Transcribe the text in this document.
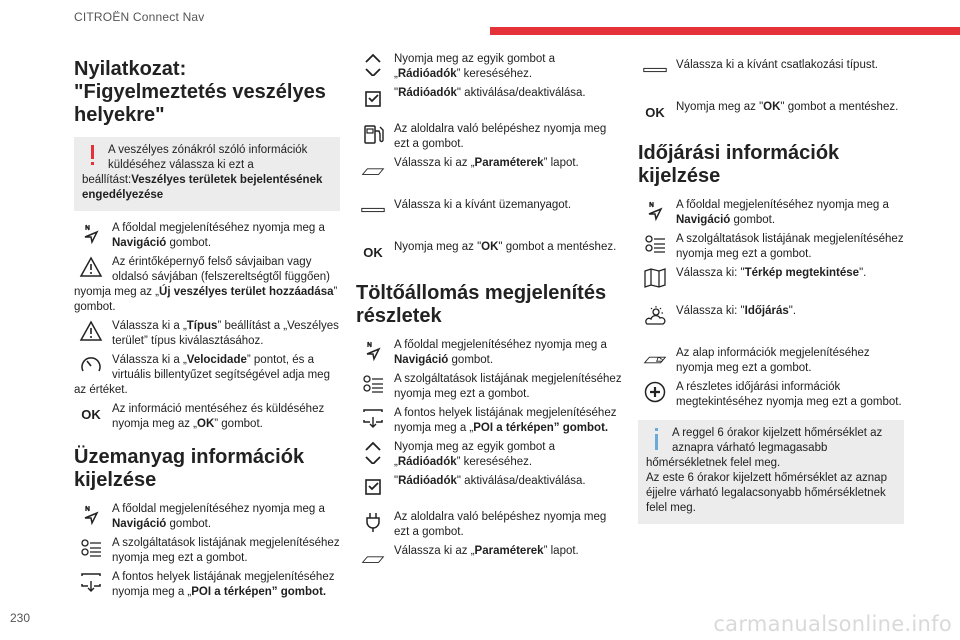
CITROËN Connect Nav
Nyilatkozat: "Figyelmeztetés veszélyes helyekre"

A veszélyes zónákról szóló információk küldéséhez válassza ki ezt a beállítást:Veszélyes területek bejelentésének engedélyezése

A főoldal megjelenítéséhez nyomja meg a Navigáció gombot.
Az érintőképernyő felső sávjaiban vagy oldalsó sávjában (felszereltségtől függően) nyomja meg az „Új veszélyes terület hozzáadása” gombot.
Válassza ki a „Típus” beállítást a „Veszélyes terület” típus kiválasztásához.
Válassza ki a „Velocidade” pontot, és a virtuális billentyűzet segítségével adja meg az értéket.
OK Az információ mentéséhez és küldéséhez nyomja meg az „OK” gombot.
Üzemanyag információk kijelzése
A főoldal megjelenítéséhez nyomja meg a Navigáció gombot.
A szolgáltatások listájának megjelenítéséhez nyomja meg ezt a gombot.
A fontos helyek listájának megjelenítéséhez nyomja meg a „POI a térképen” gombot.
Nyomja meg az egyik gombot a „Rádióadók” kereséséhez.
"Rádióadók" aktiválása/deaktiválása.
Az aloldalra való belépéshez nyomja meg ezt a gombot.
Válassza ki az „Paraméterek” lapot.
Válassza ki a kívánt üzemanyagot.
OK Nyomja meg az "OK" gombot a mentéshez.
Töltőállomás megjelenítés részletek
A főoldal megjelenítéséhez nyomja meg a Navigáció gombot.
A szolgáltatások listájának megjelenítéséhez nyomja meg ezt a gombot.
A fontos helyek listájának megjelenítéséhez nyomja meg a „POI a térképen” gombot.
Nyomja meg az egyik gombot a „Rádióadók” kereséséhez.
"Rádióadók" aktiválása/deaktiválása.
Az aloldalra való belépéshez nyomja meg ezt a gombot.
Válassza ki az „Paraméterek” lapot.
Válassza ki a kívánt csatlakozási típust.
OK Nyomja meg az "OK" gombot a mentéshez.
Időjárási információk kijelzése
A főoldal megjelenítéséhez nyomja meg a Navigáció gombot.
A szolgáltatások listájának megjelenítéséhez nyomja meg ezt a gombot.
Válassza ki: "Térkép megtekintése".
Válassza ki: "Időjárás".
Az alap információk megjelenítéséhez nyomja meg ezt a gombot.
A részletes időjárási információk megtekintéséhez nyomja meg ezt a gombot.

A reggel 6 órakor kijelzett hőmérséklet az aznapra várható legmagasabb hőmérsékletnek felel meg.

Az este 6 órakor kijelzett hőmérséklet az aznap éjjelre várható legalacsonyabb hőmérsékletnek felel meg.

230	carmanualsonline.info
